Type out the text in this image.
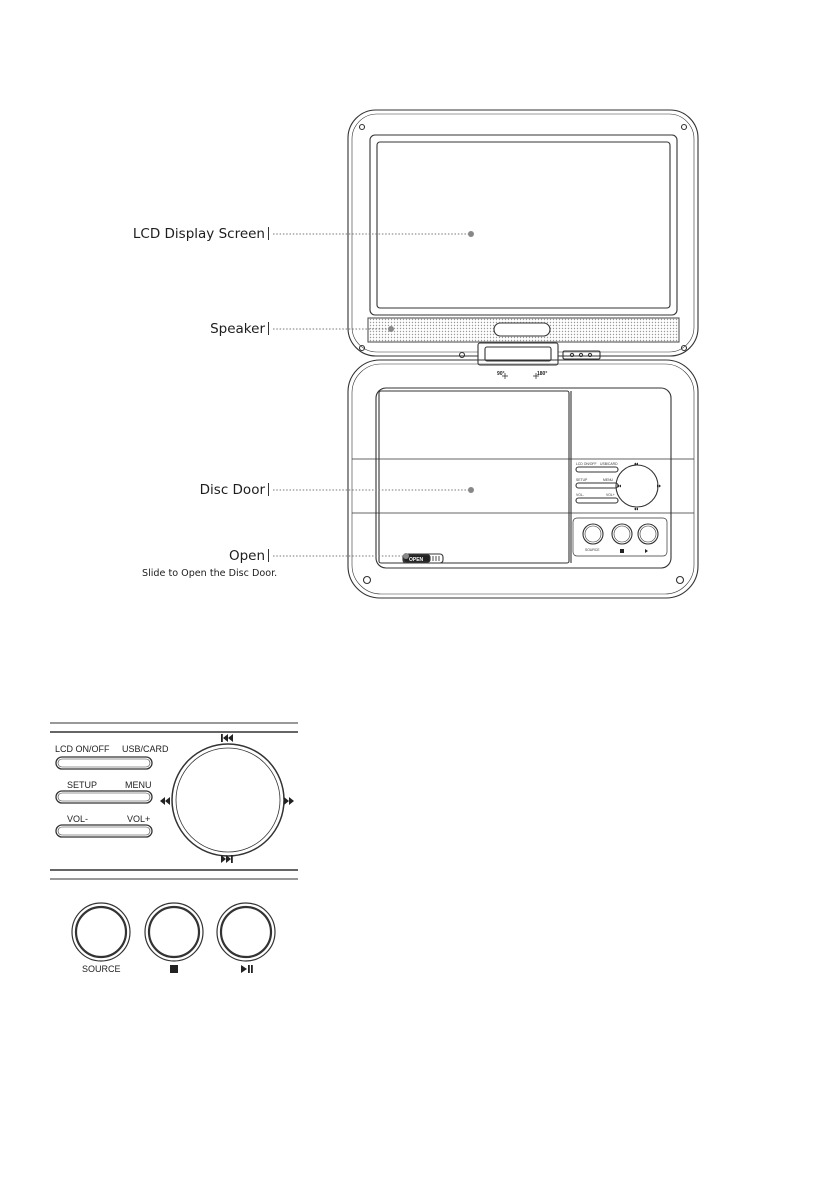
90°	180°
OPEN
LCD ON/OFF USB/CARD
SETUP	MENU
VOL-	VOL+
SOURCE
LCD Display Screen
Speaker
Disc Door
Open
Slide to Open the Disc Door.
LCD ON/OFF USB/CARD
SETUP	MENU
VOL-	VOL+
SOURCE
